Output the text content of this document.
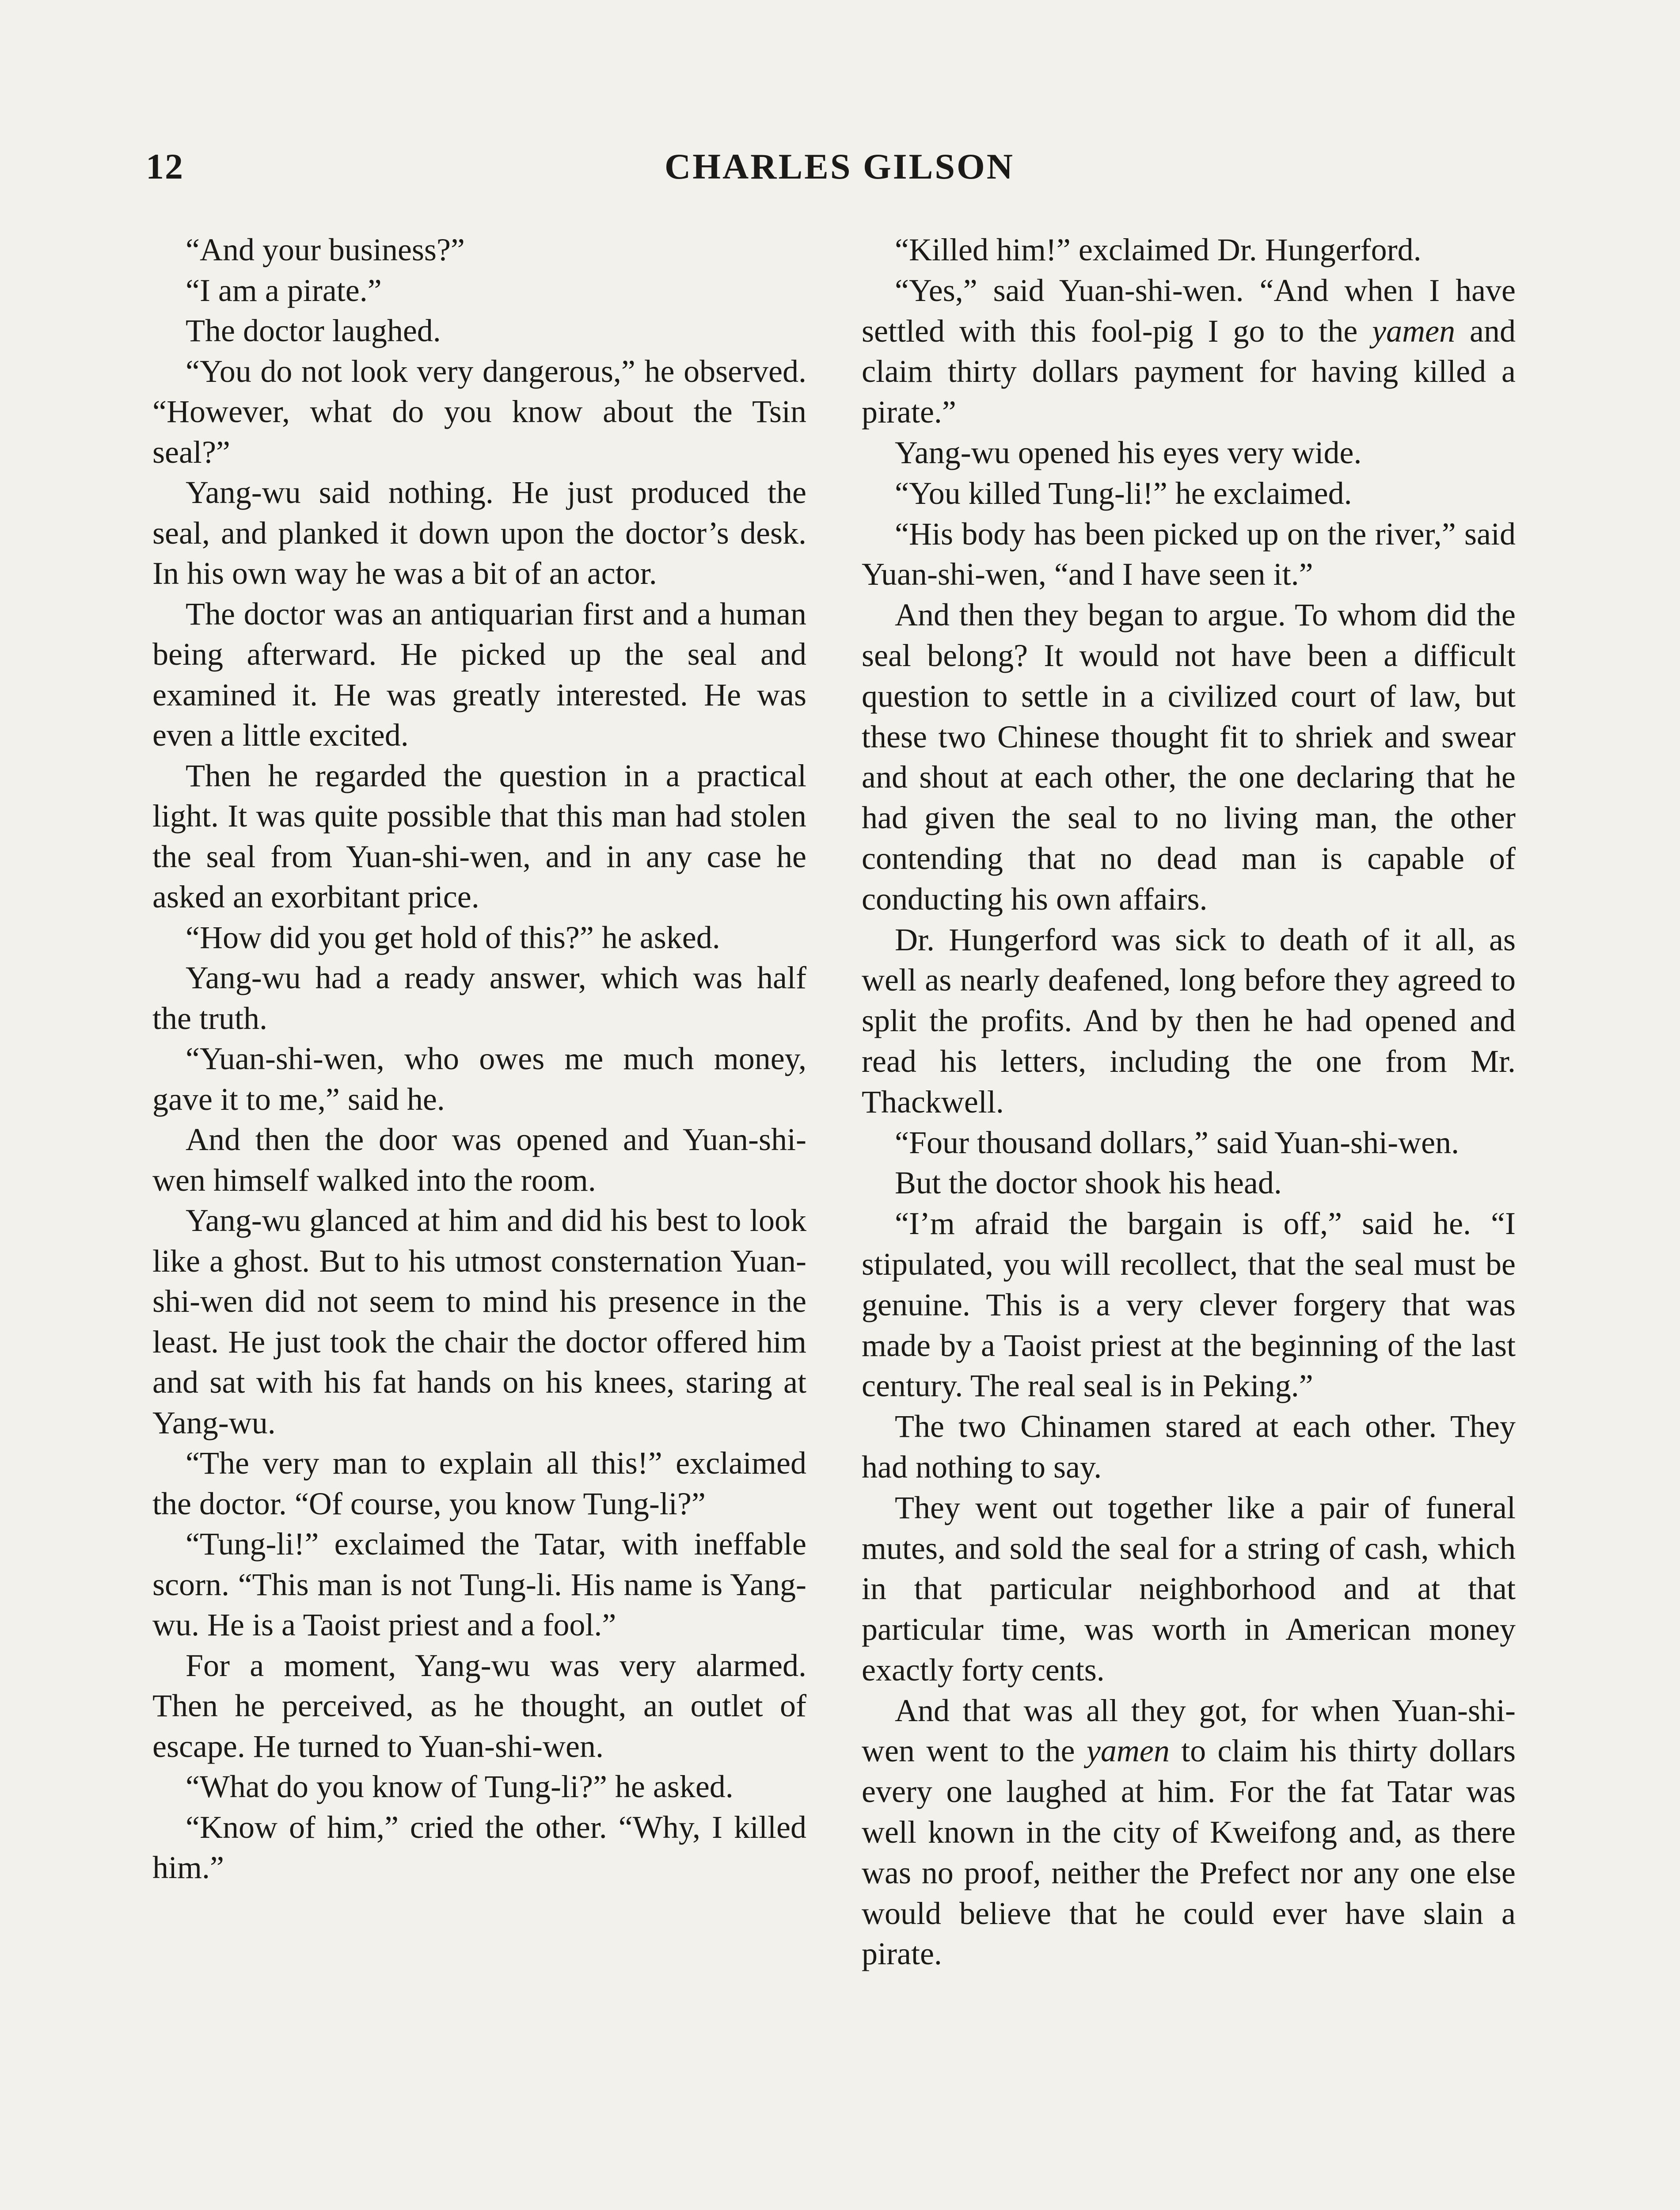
12	CHARLES GILSON

“And your business?”

“I am a pirate.”

The doctor laughed.

“You do not look very dangerous,” he observed. “However, what do you know about the Tsin seal?”

Yang-wu said nothing. He just produced the seal, and planked it down upon the doctor’s desk. In his own way he was a bit of an actor.

The doctor was an antiquarian first and a human being afterward. He picked up the seal and examined it. He was greatly interested. He was even a little excited.

Then he regarded the question in a practical light. It was quite possible that this man had stolen the seal from Yuan-shi-wen, and in any case he asked an exorbitant price.

“How did you get hold of this?” he asked.

Yang-wu had a ready answer, which was half the truth.

“Yuan-shi-wen, who owes me much money, gave it to me,” said he.

And then the door was opened and Yuan-shi-wen himself walked into the room.

Yang-wu glanced at him and did his best to look like a ghost. But to his utmost consternation Yuan-shi-wen did not seem to mind his presence in the least. He just took the chair the doctor offered him and sat with his fat hands on his knees, staring at Yang-wu.

“The very man to explain all this!” exclaimed the doctor. “Of course, you know Tung-li?”

“Tung-li!” exclaimed the Tatar, with ineffable scorn. “This man is not Tung-li. His name is Yang-wu. He is a Taoist priest and a fool.”

For a moment, Yang-wu was very alarmed. Then he perceived, as he thought, an outlet of escape. He turned to Yuan-shi-wen.

“What do you know of Tung-li?” he asked.

“Know of him,” cried the other. “Why, I killed him.”

“Killed him!” exclaimed Dr. Hungerford.

“Yes,” said Yuan-shi-wen. “And when I have settled with this fool-pig I go to the yamen and claim thirty dollars payment for having killed a pirate.”

Yang-wu opened his eyes very wide.

“You killed Tung-li!” he exclaimed.

“His body has been picked up on the river,” said Yuan-shi-wen, “and I have seen it.”

And then they began to argue. To whom did the seal belong? It would not have been a difficult question to settle in a civilized court of law, but these two Chinese thought fit to shriek and swear and shout at each other, the one declaring that he had given the seal to no living man, the other contending that no dead man is capable of conducting his own affairs.

Dr. Hungerford was sick to death of it all, as well as nearly deafened, long before they agreed to split the profits. And by then he had opened and read his letters, including the one from Mr. Thackwell.

“Four thousand dollars,” said Yuan-shi-wen.

But the doctor shook his head.

“I’m afraid the bargain is off,” said he. “I stipulated, you will recollect, that the seal must be genuine. This is a very clever forgery that was made by a Taoist priest at the beginning of the last century. The real seal is in Peking.”

The two Chinamen stared at each other. They had nothing to say.

They went out together like a pair of funeral mutes, and sold the seal for a string of cash, which in that particular neighborhood and at that particular time, was worth in American money exactly forty cents.

And that was all they got, for when Yuan-shi-wen went to the yamen to claim his thirty dollars every one laughed at him. For the fat Tatar was well known in the city of Kweifong and, as there was no proof, neither the Prefect nor any one else would believe that he could ever have slain a pirate.
